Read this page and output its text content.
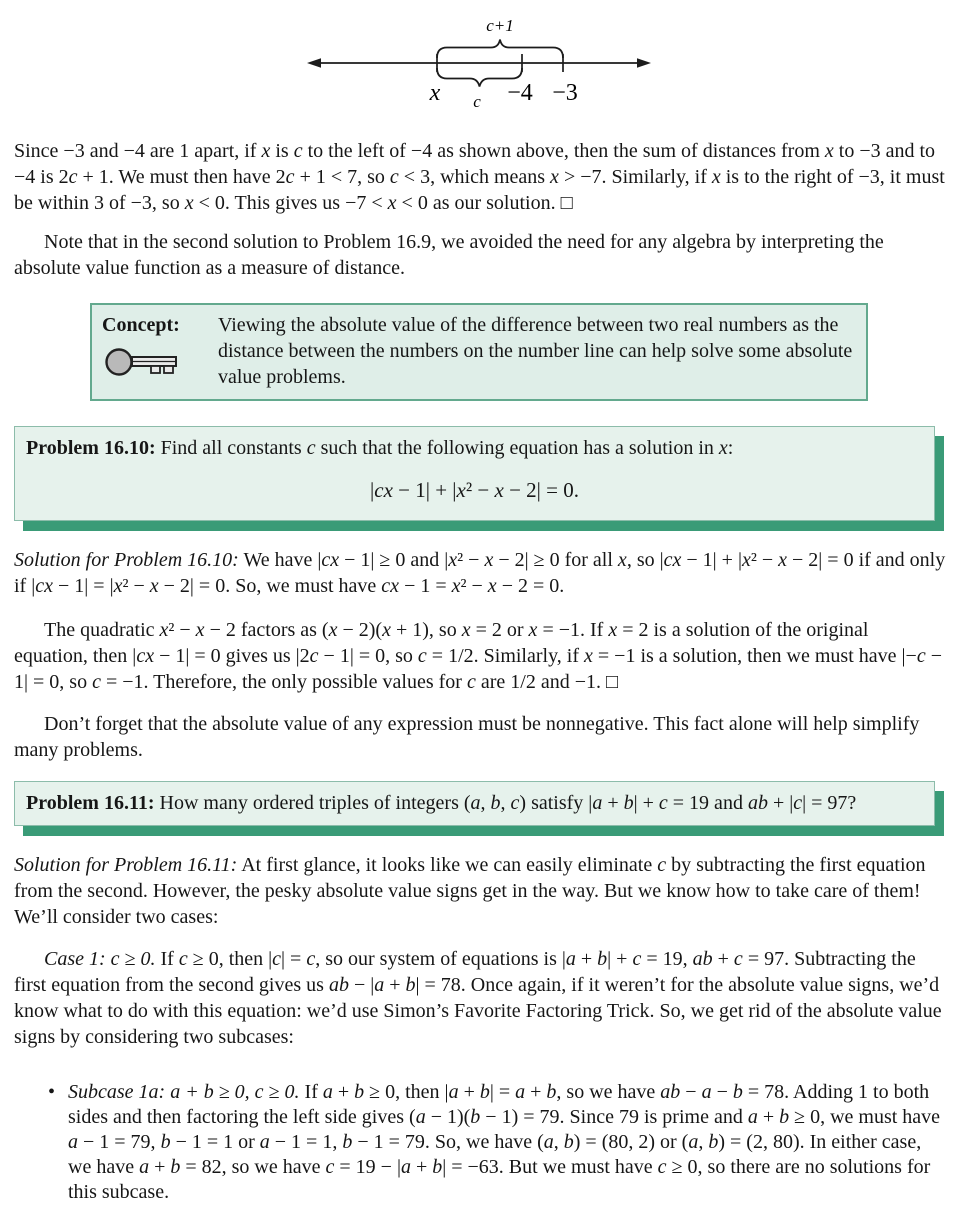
c+1
x c −4 −3

Since −3 and −4 are 1 apart, if x is c to the left of −4 as shown above, then the sum of distances from x to −3 and to −4 is 2c + 1. We must then have 2c + 1 < 7, so c < 3, which means x > −7. Similarly, if x is to the right of −3, it must be within 3 of −3, so x < 0. This gives us −7 < x < 0 as our solution. □

Note that in the second solution to Problem 16.9, we avoided the need for any algebra by interpreting the absolute value function as a measure of distance.

Concept:	Viewing the absolute value of the difference between two real numbers as the distance between the numbers on the number line can help solve some absolute value problems.

Problem 16.10: Find all constants c such that the following equation has a solution in x:

|cx − 1| + |x² − x − 2| = 0.

Solution for Problem 16.10: We have |cx − 1| ≥ 0 and |x² − x − 2| ≥ 0 for all x, so |cx − 1| + |x² − x − 2| = 0 if and only if |cx − 1| = |x² − x − 2| = 0. So, we must have cx − 1 = x² − x − 2 = 0.

The quadratic x² − x − 2 factors as (x − 2)(x + 1), so x = 2 or x = −1. If x = 2 is a solution of the original equation, then |cx − 1| = 0 gives us |2c − 1| = 0, so c = 1/2. Similarly, if x = −1 is a solution, then we must have |−c − 1| = 0, so c = −1. Therefore, the only possible values for c are 1/2 and −1. □

Don’t forget that the absolute value of any expression must be nonnegative. This fact alone will help simplify many problems.

Problem 16.11: How many ordered triples of integers (a, b, c) satisfy |a + b| + c = 19 and ab + |c| = 97?

Solution for Problem 16.11: At first glance, it looks like we can easily eliminate c by subtracting the first equation from the second. However, the pesky absolute value signs get in the way. But we know how to take care of them! We’ll consider two cases:

Case 1: c ≥ 0. If c ≥ 0, then |c| = c, so our system of equations is |a + b| + c = 19, ab + c = 97. Subtracting the first equation from the second gives us ab − |a + b| = 78. Once again, if it weren’t for the absolute value signs, we’d know what to do with this equation: we’d use Simon’s Favorite Factoring Trick. So, we get rid of the absolute value signs by considering two subcases:

• Subcase 1a: a + b ≥ 0, c ≥ 0. If a + b ≥ 0, then |a + b| = a + b, so we have ab − a − b = 78. Adding 1 to both sides and then factoring the left side gives (a − 1)(b − 1) = 79. Since 79 is prime and a + b ≥ 0, we must have a − 1 = 79, b − 1 = 1 or a − 1 = 1, b − 1 = 79. So, we have (a, b) = (80, 2) or (a, b) = (2, 80). In either case, we have a + b = 82, so we have c = 19 − |a + b| = −63. But we must have c ≥ 0, so there are no solutions for this subcase.
